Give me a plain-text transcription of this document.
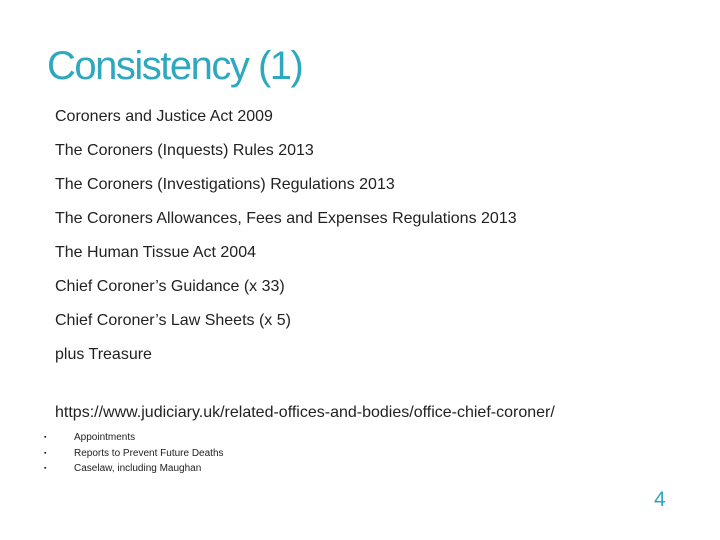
Consistency (1)
Coroners and Justice Act 2009
The Coroners (Inquests) Rules 2013
The Coroners (Investigations) Regulations 2013
The Coroners Allowances, Fees and Expenses Regulations 2013
The Human Tissue Act 2004
Chief Coroner’s Guidance (x 33)
Chief Coroner’s Law Sheets (x 5)
plus Treasure
https://www.judiciary.uk/related-offices-and-bodies/office-chief-coroner/
▪	Appointments
▪	Reports to Prevent Future Deaths
▪	Caselaw, including Maughan
4
